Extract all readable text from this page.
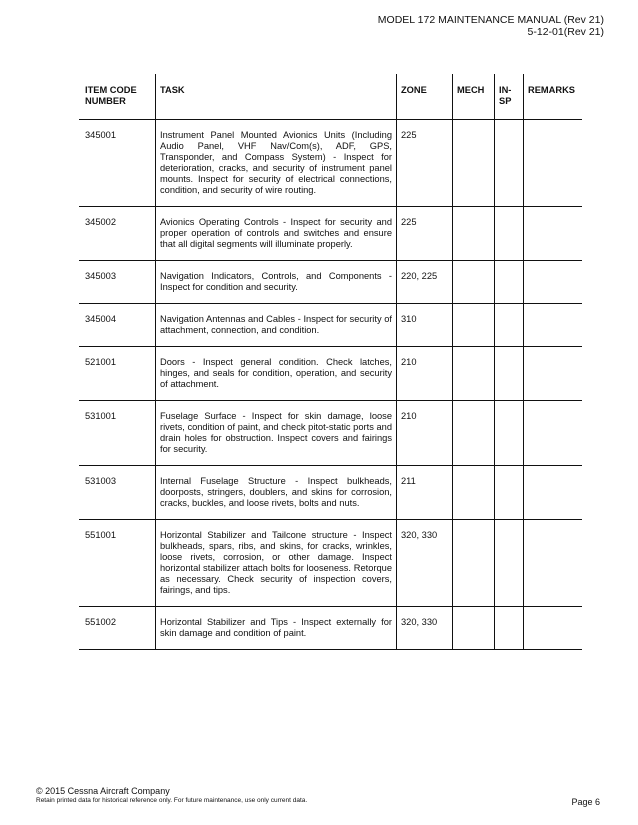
MODEL 172 MAINTENANCE MANUAL (Rev 21)
5-12-01(Rev 21)
ITEM CODE NUMBER	TASK	ZONE	MECH	IN-SP	REMARKS
345001	Instrument Panel Mounted Avionics Units (Including Audio Panel, VHF Nav/Com(s), ADF, GPS, Transponder, and Compass System) - Inspect for deterioration, cracks, and security of instrument panel mounts. Inspect for security of electrical connections, condition, and security of wire routing.	225			
345002	Avionics Operating Controls - Inspect for security and proper operation of controls and switches and ensure that all digital segments will illuminate properly.	225			
345003	Navigation Indicators, Controls, and Components - Inspect for condition and security.	220, 225			
345004	Navigation Antennas and Cables - Inspect for security of attachment, connection, and condition.	310			
521001	Doors - Inspect general condition. Check latches, hinges, and seals for condition, operation, and security of attachment.	210			
531001	Fuselage Surface - Inspect for skin damage, loose rivets, condition of paint, and check pitot-static ports and drain holes for obstruction. Inspect covers and fairings for security.	210			
531003	Internal Fuselage Structure - Inspect bulkheads, doorposts, stringers, doublers, and skins for corrosion, cracks, buckles, and loose rivets, bolts and nuts.	211			
551001	Horizontal Stabilizer and Tailcone structure - Inspect bulkheads, spars, ribs, and skins, for cracks, wrinkles, loose rivets, corrosion, or other damage. Inspect horizontal stabilizer attach bolts for looseness. Retorque as necessary. Check security of inspection covers, fairings, and tips.	320, 330			
551002	Horizontal Stabilizer and Tips - Inspect externally for skin damage and condition of paint.	320, 330			
© 2015 Cessna Aircraft Company
Retain printed data for historical reference only. For future maintenance, use only current data.	Page 6
